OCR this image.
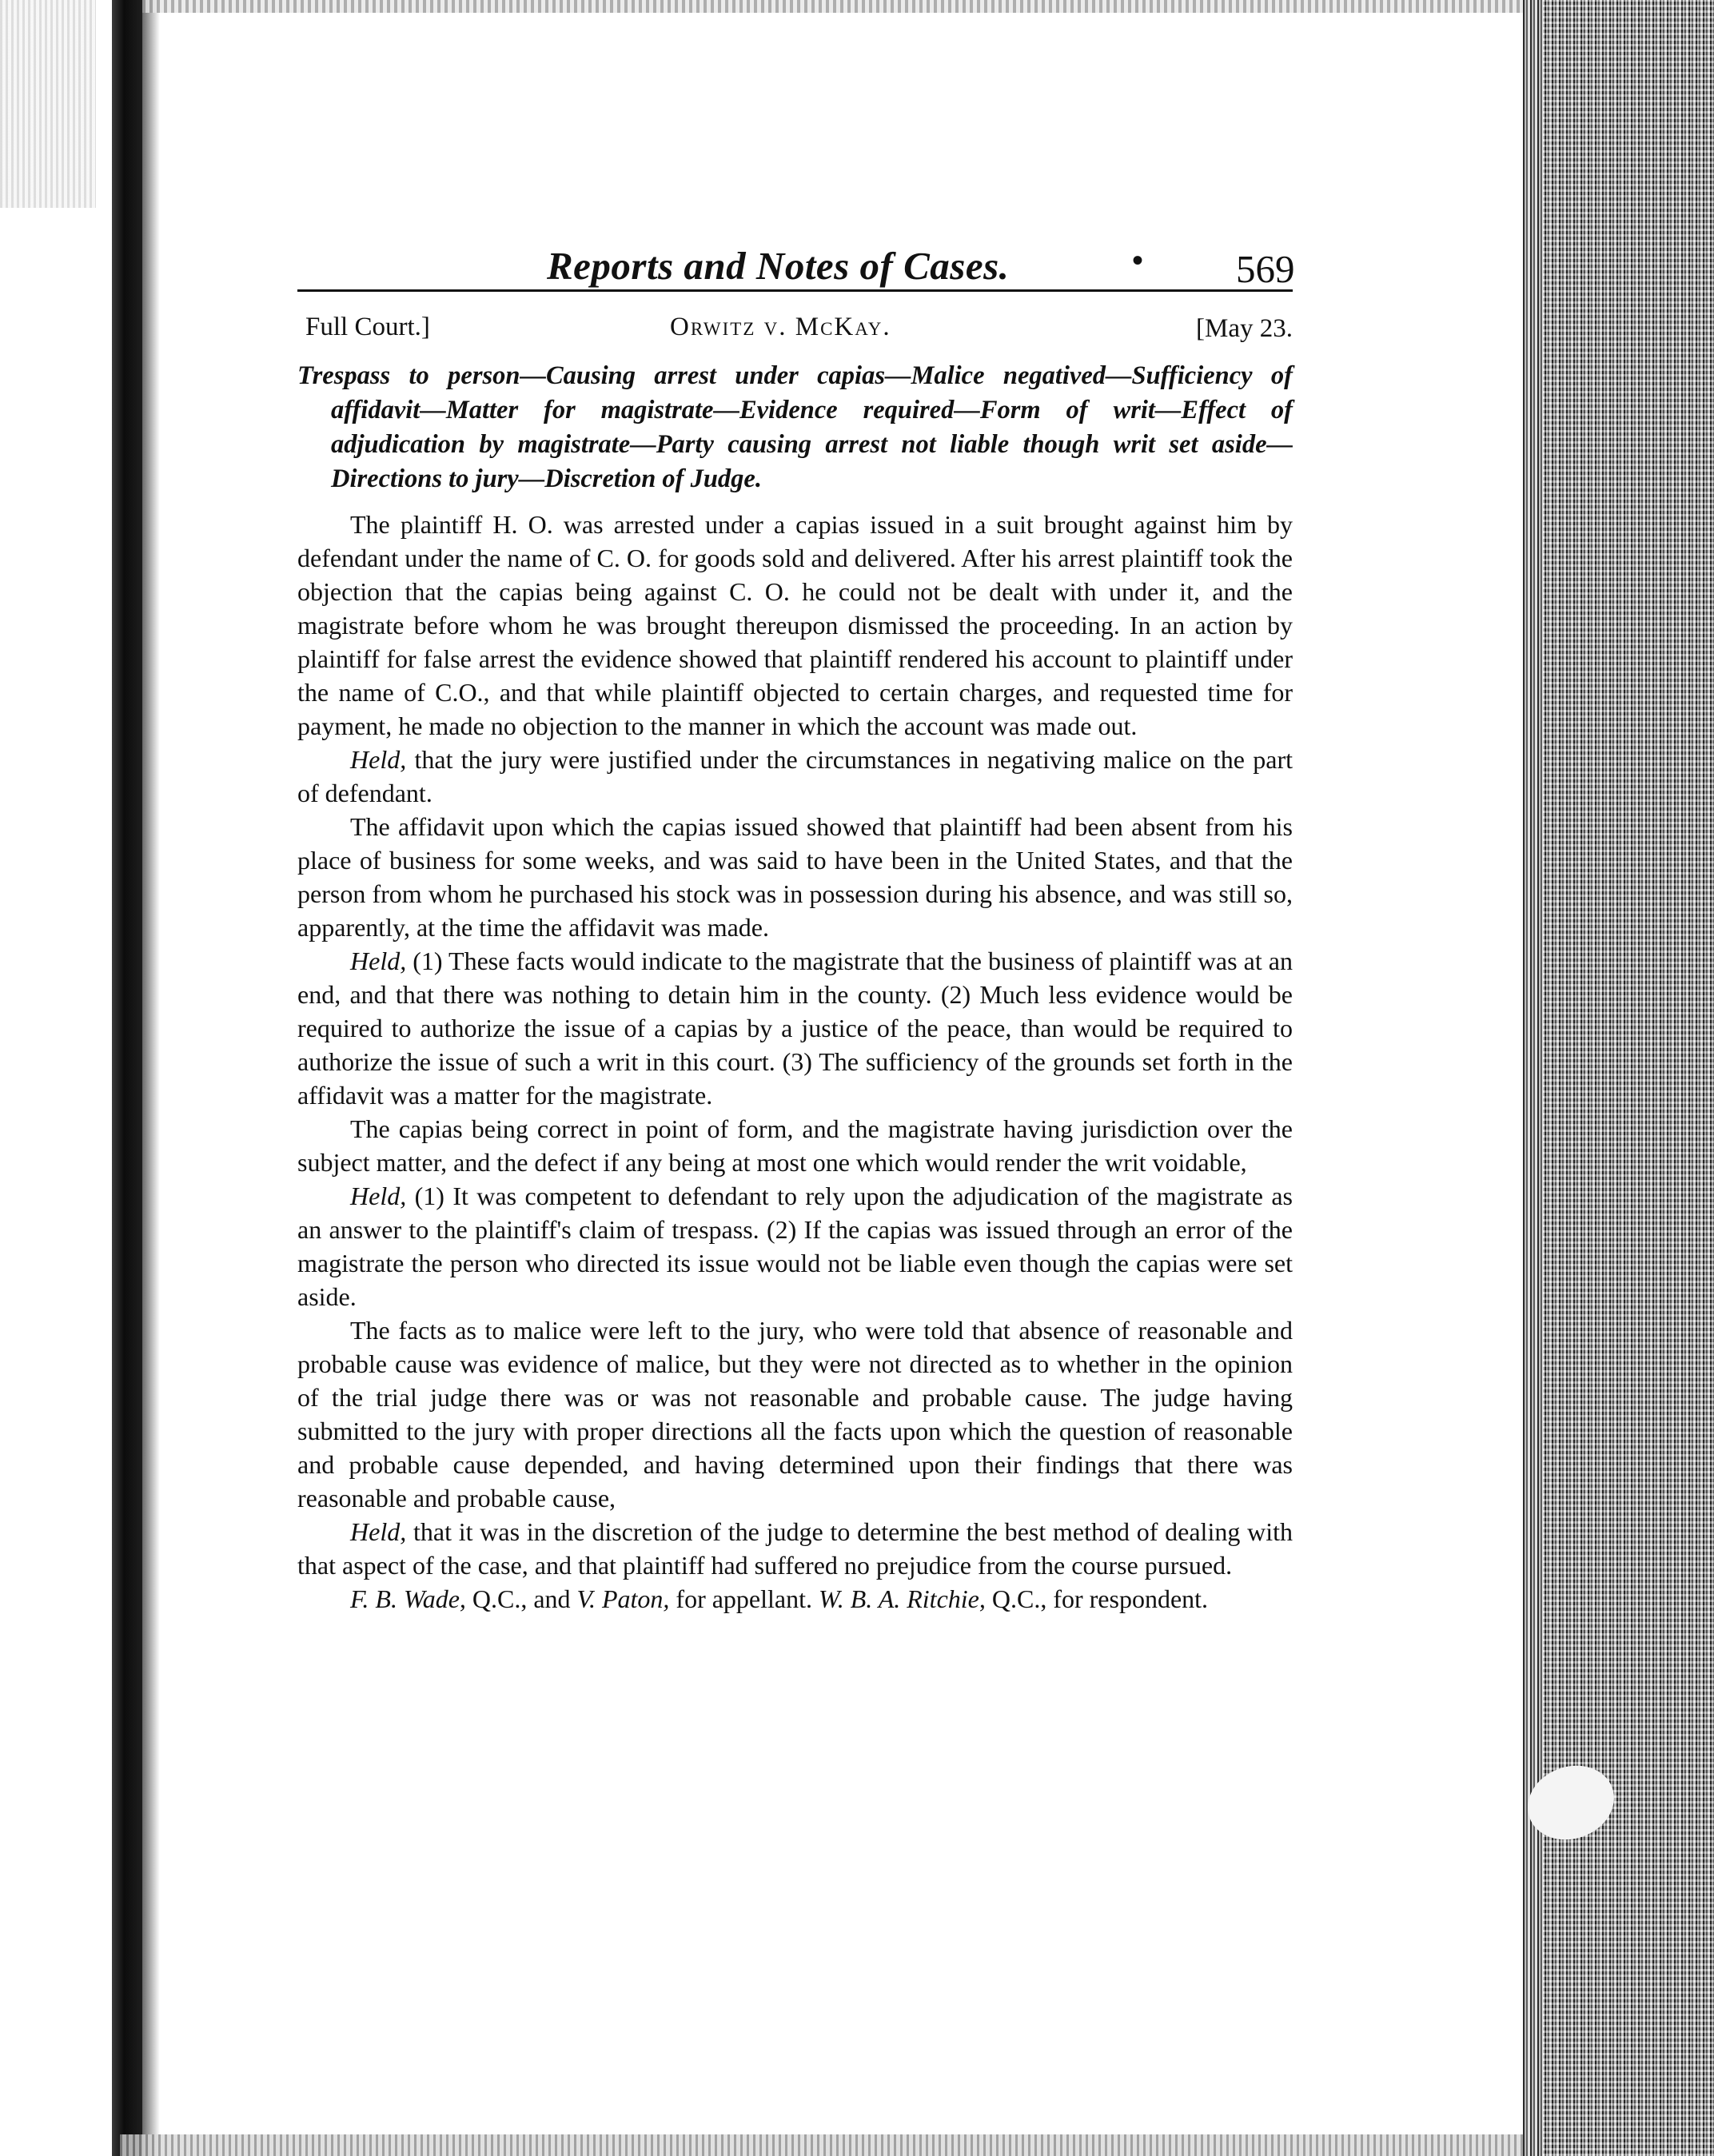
Reports and Notes of Cases.	• 569
Full Court.]	Orwitz v. McKay.	[May 23.

Trespass to person—Causing arrest under capias—Malice negatived—Sufficiency of affidavit—Matter for magistrate—Evidence required—Form of writ—Effect of adjudication by magistrate—Party causing arrest not liable though writ set aside—Directions to jury—Discretion of Judge.

The plaintiff H. O. was arrested under a capias issued in a suit brought against him by defendant under the name of C. O. for goods sold and delivered. After his arrest plaintiff took the objection that the capias being against C. O. he could not be dealt with under it, and the magistrate before whom he was brought thereupon dismissed the proceeding. In an action by plaintiff for false arrest the evidence showed that plaintiff rendered his account to plaintiff under the name of C.O., and that while plaintiff objected to certain charges, and requested time for payment, he made no objection to the manner in which the account was made out.

Held, that the jury were justified under the circumstances in negativing malice on the part of defendant.

The affidavit upon which the capias issued showed that plaintiff had been absent from his place of business for some weeks, and was said to have been in the United States, and that the person from whom he purchased his stock was in possession during his absence, and was still so, apparently, at the time the affidavit was made.

Held, (1) These facts would indicate to the magistrate that the business of plaintiff was at an end, and that there was nothing to detain him in the county. (2) Much less evidence would be required to authorize the issue of a capias by a justice of the peace, than would be required to authorize the issue of such a writ in this court. (3) The sufficiency of the grounds set forth in the affidavit was a matter for the magistrate.

The capias being correct in point of form, and the magistrate having jurisdiction over the subject matter, and the defect if any being at most one which would render the writ voidable,

Held, (1) It was competent to defendant to rely upon the adjudication of the magistrate as an answer to the plaintiff's claim of trespass. (2) If the capias was issued through an error of the magistrate the person who directed its issue would not be liable even though the capias were set aside.

The facts as to malice were left to the jury, who were told that absence of reasonable and probable cause was evidence of malice, but they were not directed as to whether in the opinion of the trial judge there was or was not reasonable and probable cause. The judge having submitted to the jury with proper directions all the facts upon which the question of reasonable and probable cause depended, and having determined upon their findings that there was reasonable and probable cause,

Held, that it was in the discretion of the judge to determine the best method of dealing with that aspect of the case, and that plaintiff had suffered no prejudice from the course pursued.

F. B. Wade, Q.C., and V. Paton, for appellant. W. B. A. Ritchie, Q.C., for respondent.
